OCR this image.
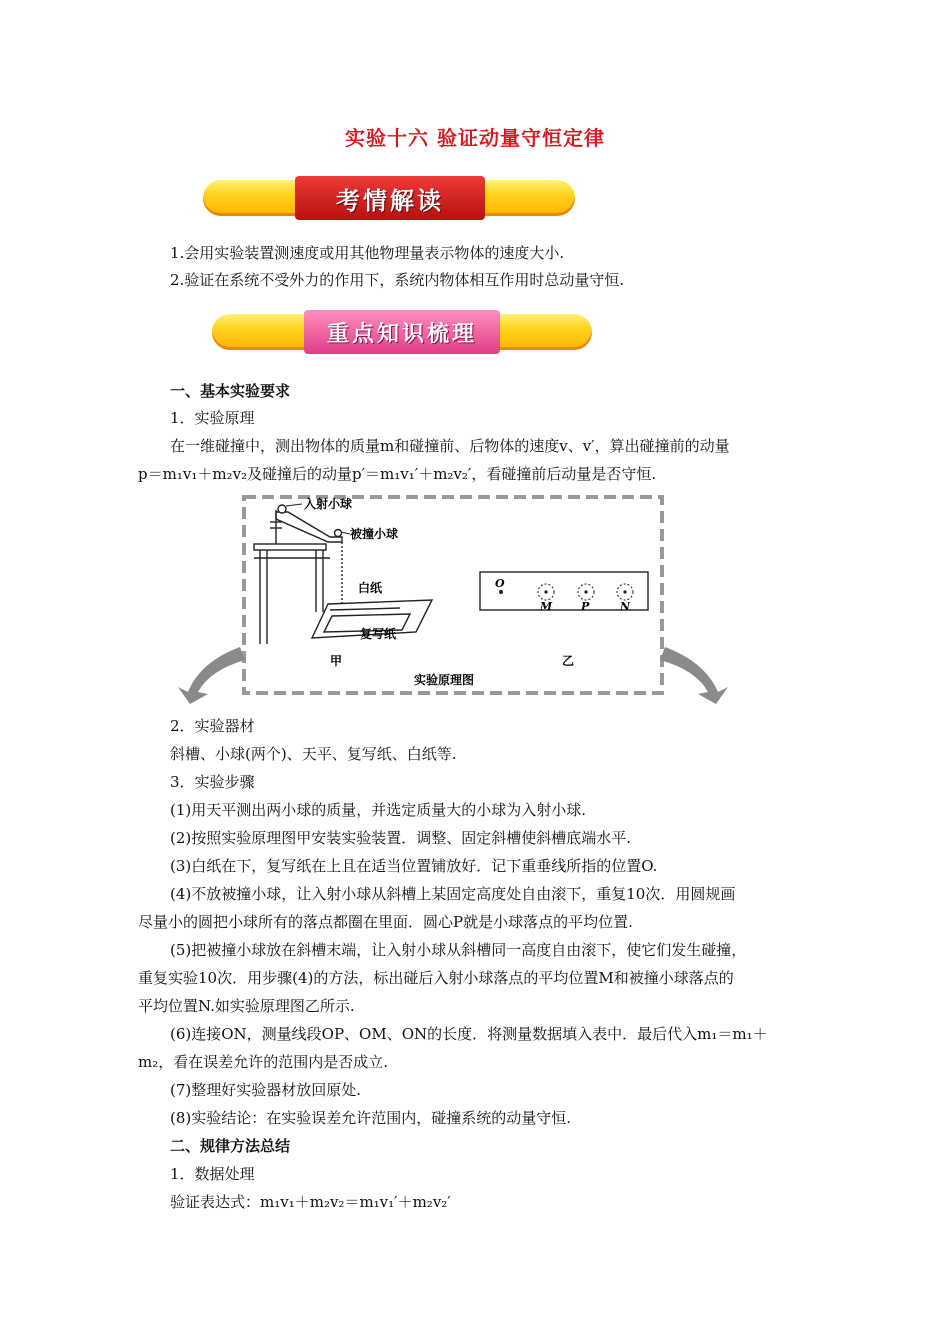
实验十六 验证动量守恒定律
考情解读
1.会用实验装置测速度或用其他物理量表示物体的速度大小.
2.验证在系统不受外力的作用下，系统内物体相互作用时总动量守恒.
重点知识梳理
一、基本实验要求
1．实验原理
在一维碰撞中，测出物体的质量m和碰撞前、后物体的速度v、v′，算出碰撞前的动量
p＝m₁v₁＋m₂v₂及碰撞后的动量p′＝m₁v₁′＋m₂v₂′，看碰撞前后动量是否守恒.
入射小球
被撞小球
白纸
复写纸
甲	乙
实验原理图
O
M	P	N
2．实验器材
斜槽、小球(两个)、天平、复写纸、白纸等.
3．实验步骤
(1)用天平测出两小球的质量，并选定质量大的小球为入射小球.
(2)按照实验原理图甲安装实验装置．调整、固定斜槽使斜槽底端水平.
(3)白纸在下，复写纸在上且在适当位置铺放好．记下重垂线所指的位置O.
(4)不放被撞小球，让入射小球从斜槽上某固定高度处自由滚下，重复10次．用圆规画
尽量小的圆把小球所有的落点都圈在里面．圆心P就是小球落点的平均位置.
(5)把被撞小球放在斜槽末端，让入射小球从斜槽同一高度自由滚下，使它们发生碰撞，
重复实验10次．用步骤(4)的方法，标出碰后入射小球落点的平均位置M和被撞小球落点的
平均位置N.如实验原理图乙所示.
(6)连接ON，测量线段OP、OM、ON的长度．将测量数据填入表中．最后代入m₁＝m₁＋
m₂，看在误差允许的范围内是否成立.
(7)整理好实验器材放回原处.
(8)实验结论：在实验误差允许范围内，碰撞系统的动量守恒.
二、规律方法总结
1．数据处理
验证表达式：m₁v₁＋m₂v₂＝m₁v₁′＋m₂v₂′
